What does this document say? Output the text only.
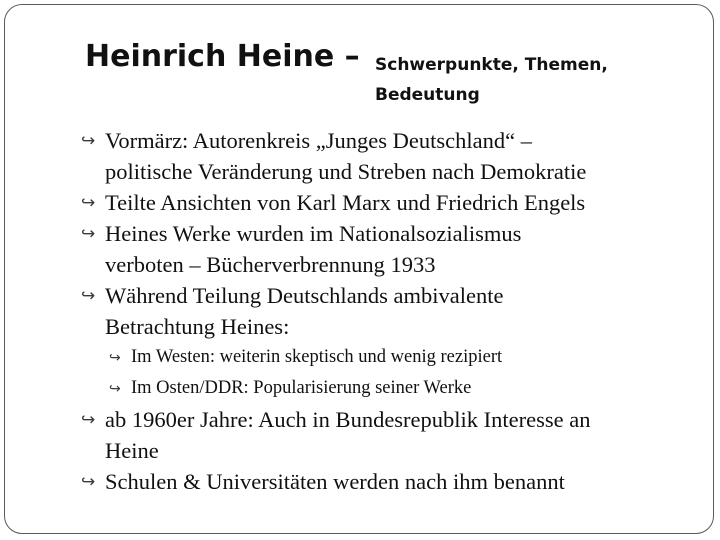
Heinrich Heine – Schwerpunkte, Themen,
Bedeutung
↪ Vormärz: Autorenkreis „Junges Deutschland“ –
politische Veränderung und Streben nach Demokratie
↪ Teilte Ansichten von Karl Marx und Friedrich Engels
↪ Heines Werke wurden im Nationalsozialismus
verboten – Bücherverbrennung 1933
↪ Während Teilung Deutschlands ambivalente
Betrachtung Heines:
↪ Im Westen: weiterin skeptisch und wenig rezipiert
↪ Im Osten/DDR: Popularisierung seiner Werke
↪ ab 1960er Jahre: Auch in Bundesrepublik Interesse an
Heine
↪ Schulen & Universitäten werden nach ihm benannt
